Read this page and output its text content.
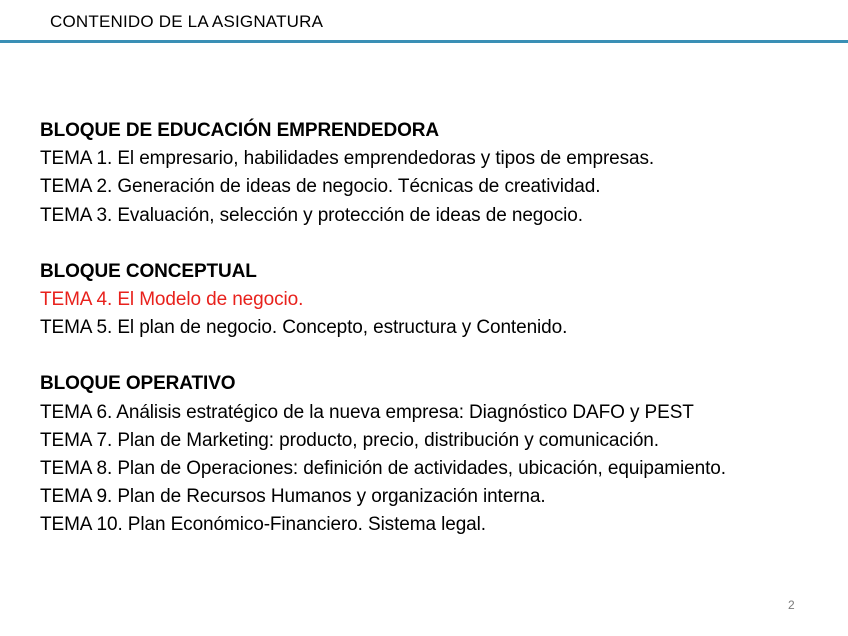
CONTENIDO DE LA ASIGNATURA
BLOQUE DE EDUCACIÓN EMPRENDEDORA
TEMA 1. El empresario, habilidades emprendedoras y tipos de empresas.
TEMA 2. Generación de ideas de negocio. Técnicas de creatividad.
TEMA 3. Evaluación, selección y protección de ideas de negocio.
BLOQUE CONCEPTUAL
TEMA 4. El Modelo de negocio.
TEMA 5. El plan de negocio. Concepto, estructura y Contenido.
BLOQUE OPERATIVO
TEMA 6. Análisis estratégico de la nueva empresa: Diagnóstico DAFO y PEST
TEMA 7. Plan de Marketing: producto, precio, distribución y comunicación.
TEMA 8. Plan de Operaciones: definición de actividades, ubicación, equipamiento.
TEMA 9. Plan de Recursos Humanos y organización interna.
TEMA 10. Plan Económico-Financiero. Sistema legal.
2
